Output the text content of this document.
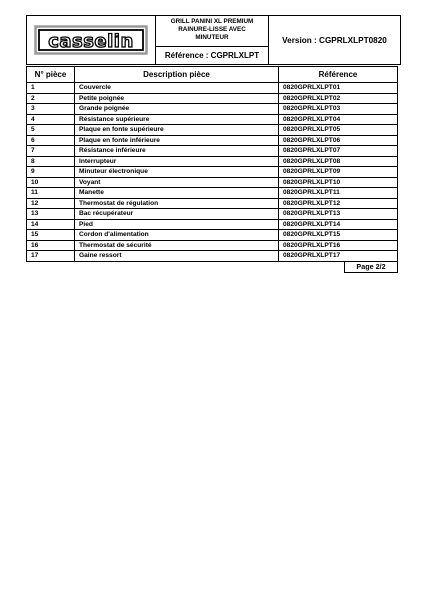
casselin

GRILL PANINI XL PREMIUM
RAINURE-LISSE AVEC
MINUTEUR
Référence : CGPRLXLPT

Version : CGPRLXLPT0820
N° pièce	Description pièce	Référence
1	Couvercle	0820GPRLXLPT01
2	Petite poignée	0820GPRLXLPT02
3	Grande poignée	0820GPRLXLPT03
4	Résistance supérieure	0820GPRLXLPT04
5	Plaque en fonte supérieure	0820GPRLXLPT05
6	Plaque en fonte inférieure	0820GPRLXLPT06
7	Résistance inférieure	0820GPRLXLPT07
8	Interrupteur	0820GPRLXLPT08
9	Minuteur électronique	0820GPRLXLPT09
10	Voyant	0820GPRLXLPT10
11	Manette	0820GPRLXLPT11
12	Thermostat de régulation	0820GPRLXLPT12
13	Bac récupérateur	0820GPRLXLPT13
14	Pied	0820GPRLXLPT14
15	Cordon d'alimentation	0820GPRLXLPT15
16	Thermostat de sécurité	0820GPRLXLPT16
17	Gaine ressort	0820GPRLXLPT17
Page 2/2
